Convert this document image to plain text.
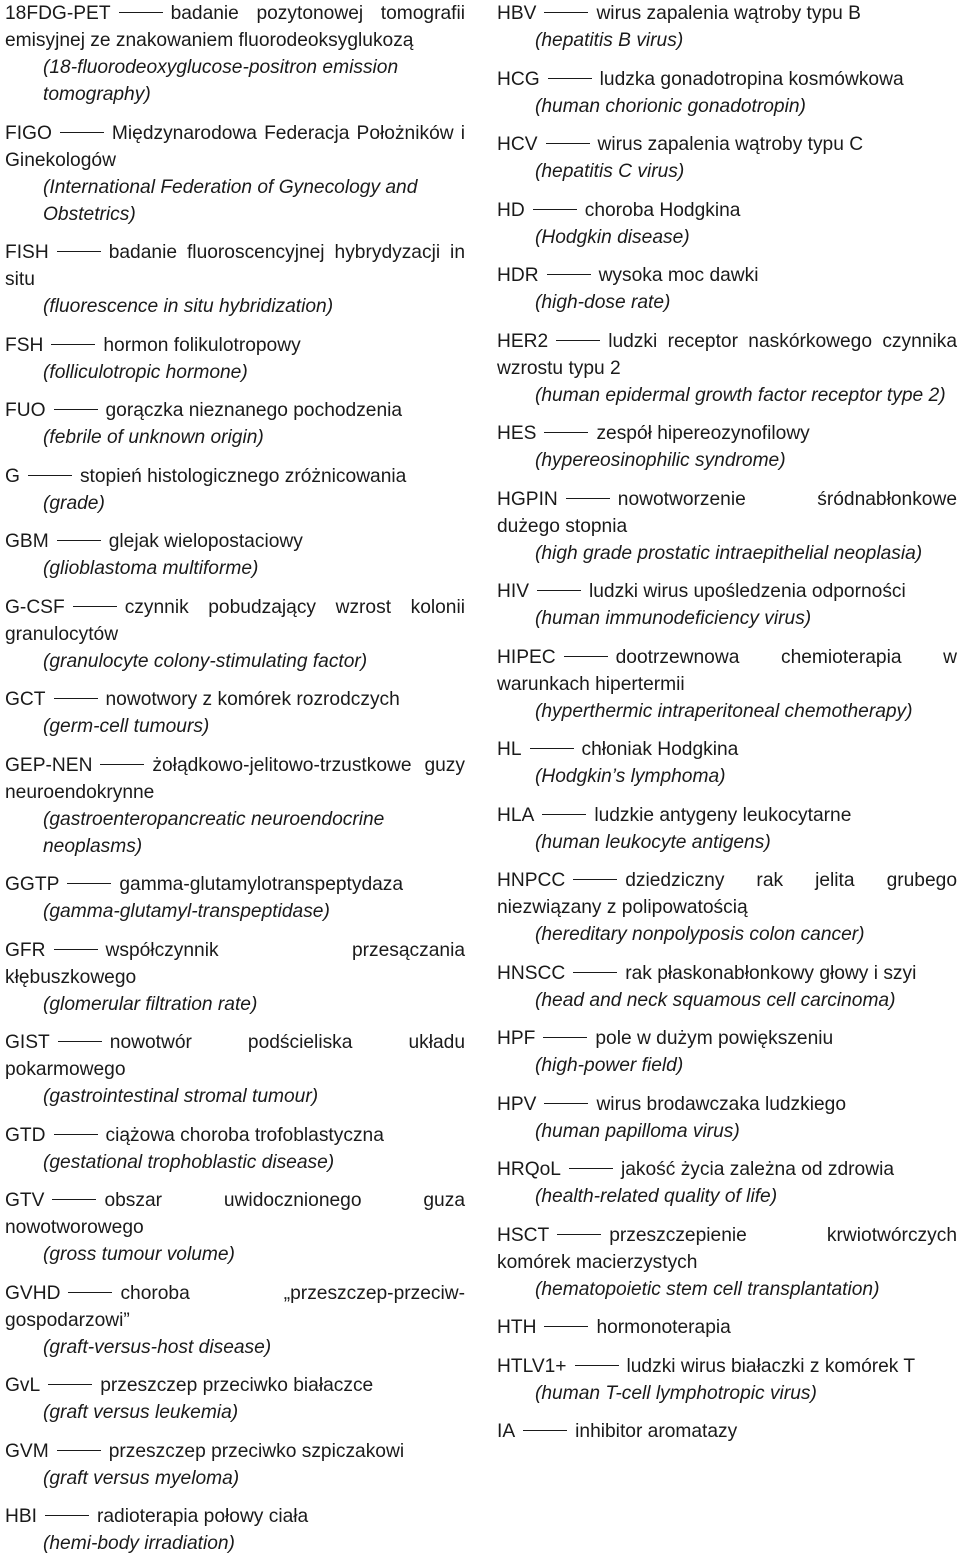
18FDG-PET	badanie pozytonowej tomografii emisyjnej ze znakowaniem fluorodeoksyglukozą
(18-fluorodeoxyglucose-positron emission tomography)
FIGO	Międzynarodowa Federacja Położników i Ginekologów
(International Federation of Gynecology and Obstetrics)
FISH	badanie fluoroscencyjnej hybrydyzacji in situ
(fluorescence in situ hybridization)
FSH	hormon folikulotropowy
(folliculotropic hormone)
FUO	gorączka nieznanego pochodzenia
(febrile of unknown origin)
G	stopień histologicznego zróżnicowania
(grade)
GBM	glejak wielopostaciowy
(glioblastoma multiforme)
G-CSF	czynnik pobudzający wzrost kolonii granulocytów
(granulocyte colony-stimulating factor)
GCT	nowotwory z komórek rozrodczych
(germ-cell tumours)
GEP-NEN	żołądkowo-jelitowo-trzustkowe guzy neuroendokrynne
(gastroenteropancreatic neuroendocrine neoplasms)
GGTP	gamma-glutamylotranspeptydaza
(gamma-glutamyl-transpeptidase)
GFR	współczynnik przesączania kłębuszkowego
(glomerular filtration rate)
GIST	nowotwór podścieliska układu pokarmowego
(gastrointestinal stromal tumour)
GTD	ciążowa choroba trofoblastyczna
(gestational trophoblastic disease)
GTV	obszar uwidocznionego guza nowotworowego
(gross tumour volume)
GVHD	choroba „przeszczep-przeciw-gospodarzowi”
(graft-versus-host disease)
GvL	przeszczep przeciwko białaczce
(graft versus leukemia)
GVM	przeszczep przeciwko szpiczakowi
(graft versus myeloma)
HBI	radioterapia połowy ciała
(hemi-body irradiation)
HBV	wirus zapalenia wątroby typu B
(hepatitis B virus)
HCG	ludzka gonadotropina kosmówkowa
(human chorionic gonadotropin)
HCV	wirus zapalenia wątroby typu C
(hepatitis C virus)
HD	choroba Hodgkina
(Hodgkin disease)
HDR	wysoka moc dawki
(high-dose rate)
HER2	ludzki receptor naskórkowego czynnika wzrostu typu 2
(human epidermal growth factor receptor type 2)
HES	zespół hipereozynofilowy
(hypereosinophilic syndrome)
HGPIN	nowotworzenie śródnabłonkowe dużego stopnia
(high grade prostatic intraepithelial neoplasia)
HIV	ludzki wirus upośledzenia odporności
(human immunodeficiency virus)
HIPEC	dootrzewnowa chemioterapia w warunkach hipertermii
(hyperthermic intraperitoneal chemotherapy)
HL	chłoniak Hodgkina
(Hodgkin’s lymphoma)
HLA	ludzkie antygeny leukocytarne
(human leukocyte antigens)
HNPCC	dziedziczny rak jelita grubego niezwiązany z polipowatością
(hereditary nonpolyposis colon cancer)
HNSCC	rak płaskonabłonkowy głowy i szyi
(head and neck squamous cell carcinoma)
HPF	pole w dużym powiększeniu
(high-power field)
HPV	wirus brodawczaka ludzkiego
(human papilloma virus)
HRQoL	jakość życia zależna od zdrowia
(health-related quality of life)
HSCT	przeszczepienie krwiotwórczych komórek macierzystych
(hematopoietic stem cell transplantation)
HTH	hormonoterapia
HTLV1+	ludzki wirus białaczki z komórek T
(human T-cell lymphotropic virus)
IA	inhibitor aromatazy
